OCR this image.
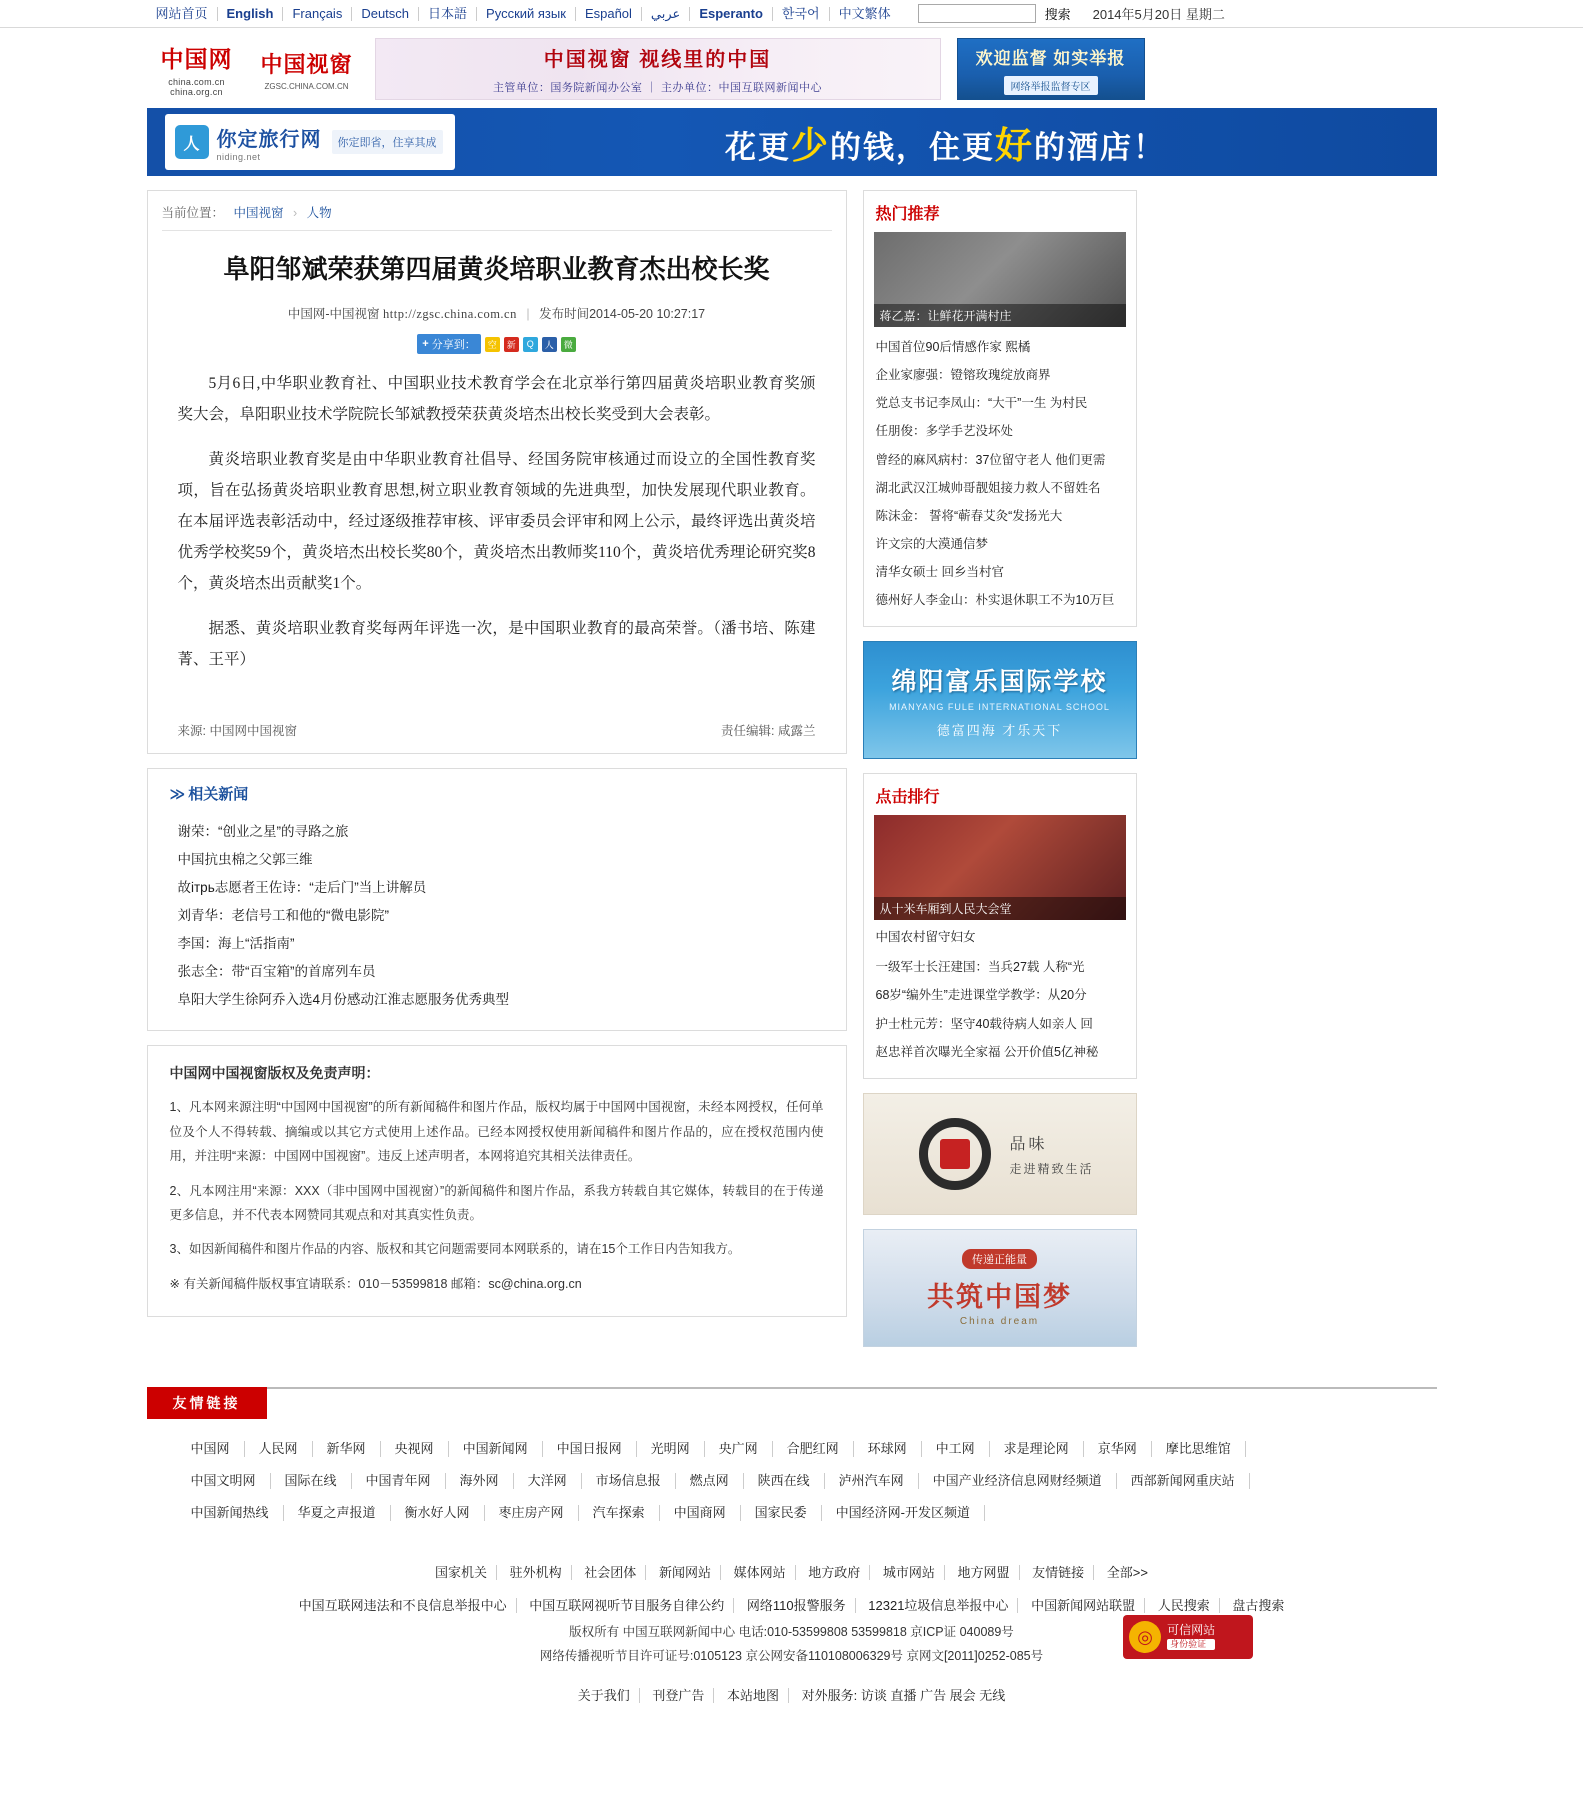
网站首页	English	Français	Deutsch	日本語	Русский язык	Español	عربي	Esperanto	한국어	中文繁体	搜索 2014年5月20日 星期二
中国网
china.com.cn
china.org.cn
中国视窗
ZGSC.CHINA.COM.CN
中国视窗 视线里的中国
主管单位：国务院新闻办公室 ｜ 主办单位：中国互联网新闻中心
欢迎监督 如实举报
网络举报监督专区
人 你定旅行网
niding.net
你定即省，住享其成	花更少的钱，住更好的酒店！
当前位置： 中国视窗 › 人物
阜阳邹斌荣获第四届黄炎培职业教育杰出校长奖
中国网-中国视窗 http://zgsc.china.com.cn | 发布时间2014-05-20 10:27:17
+ 分享到：	空	新	Q	人	微

5月6日,中华职业教育社、中国职业技术教育学会在北京举行第四届黄炎培职业教育奖颁奖大会，阜阳职业技术学院院长邹斌教授荣获黄炎培杰出校长奖受到大会表彰。

黄炎培职业教育奖是由中华职业教育社倡导、经国务院审核通过而设立的全国性教育奖项，旨在弘扬黄炎培职业教育思想,树立职业教育领域的先进典型，加快发展现代职业教育。在本届评选表彰活动中，经过逐级推荐审核、评审委员会评审和网上公示，最终评选出黄炎培优秀学校奖59个，黄炎培杰出校长奖80个，黄炎培杰出教师奖110个，黄炎培优秀理论研究奖8个，黄炎培杰出贡献奖1个。

据悉、黄炎培职业教育奖每两年评选一次，是中国职业教育的最高荣誉。（潘书培、陈建菁、王平）

来源: 中国网中国视窗	责任编辑: 咸露兰
≫ 相关新闻
谢荣：“创业之星”的寻路之旅
中国抗虫棉之父郭三维
故ітрь志愿者王佐诗：“走后门”当上讲解员
刘青华：老信号工和他的“微电影院”
李国：海上“活指南”
张志全：带“百宝箱”的首席列车员
阜阳大学生徐阿乔入选4月份感动江淮志愿服务优秀典型
中国网中国视窗版权及免责声明：

1、凡本网来源注明“中国网中国视窗”的所有新闻稿件和图片作品，版权均属于中国网中国视窗，未经本网授权，任何单位及个人不得转载、摘编或以其它方式使用上述作品。已经本网授权使用新闻稿件和图片作品的，应在授权范围内使用，并注明“来源：中国网中国视窗”。违反上述声明者，本网将追究其相关法律责任。

2、凡本网注用“来源：XXX（非中国网中国视窗）”的新闻稿件和图片作品，系我方转载自其它媒体，转载目的在于传递更多信息，并不代表本网赞同其观点和对其真实性负责。

3、如因新闻稿件和图片作品的内容、版权和其它问题需要同本网联系的，请在15个工作日内告知我方。

※ 有关新闻稿件版权事宜请联系：010－53599818 邮箱：sc@china.org.cn
热门推荐
蒋乙嘉：让鲜花开满村庄
中国首位90后情感作家 熙橘
企业家廖强：镫镕玫瑰绽放商界
党总支书记李凤山：“大干”一生 为村民
任朋俊：多学手艺没坏处
曾经的麻风病村：37位留守老人 他们更需
湖北武汉江城帅哥靓姐接力救人不留姓名
陈沫金： 誓将“蕲春艾灸“发扬光大
许文宗的大漠通信梦
清华女硕士 回乡当村官
德州好人李金山：朴实退休职工不为10万巨
绵阳富乐国际学校
MIANYANG FULE INTERNATIONAL SCHOOL
德富四海 才乐天下
点击排行
从十米车厢到人民大会堂
中国农村留守妇女
一级军士长汪建国：当兵27载 人称“光
68岁“编外生”走进课堂学教学：从20分
护士杜元芳：坚守40载待病人如亲人 回
赵忠祥首次曝光全家福 公开价值5亿神秘
品味
走进精致生活
传递正能量
共筑中国梦
China dream
友情链接
中国网	人民网	新华网	央视网	中国新闻网	中国日报网	光明网	央广网	合肥红网	环球网	中工网	求是理论网	京华网	摩比思维馆
中国文明网	国际在线	中国青年网	海外网	大洋网	市场信息报	燃点网	陕西在线	泸州汽车网	中国产业经济信息网财经频道	西部新闻网重庆站
中国新闻热线	华夏之声报道	衡水好人网	枣庄房产网	汽车探索	中国商网	国家民委	中国经济网-开发区频道
国家机关 驻外机构 社会团体 新闻网站 媒体网站 地方政府 城市网站 地方网盟 友情链接 全部>>
中国互联网违法和不良信息举报中心 中国互联网视听节目服务自律公约 网络110报警服务 12321垃圾信息举报中心 中国新闻网站联盟 人民搜索 盘古搜索
版权所有 中国互联网新闻中心 电话:010-53599808 53599818 京ICP证 040089号
网络传播视听节目许可证号:0105123 京公网安备110108006329号 京网文[2011]0252-085号
◎	可信网站
身份验证
关于我们 刊登广告 本站地图 对外服务: 访谈 直播 广告 展会 无线
